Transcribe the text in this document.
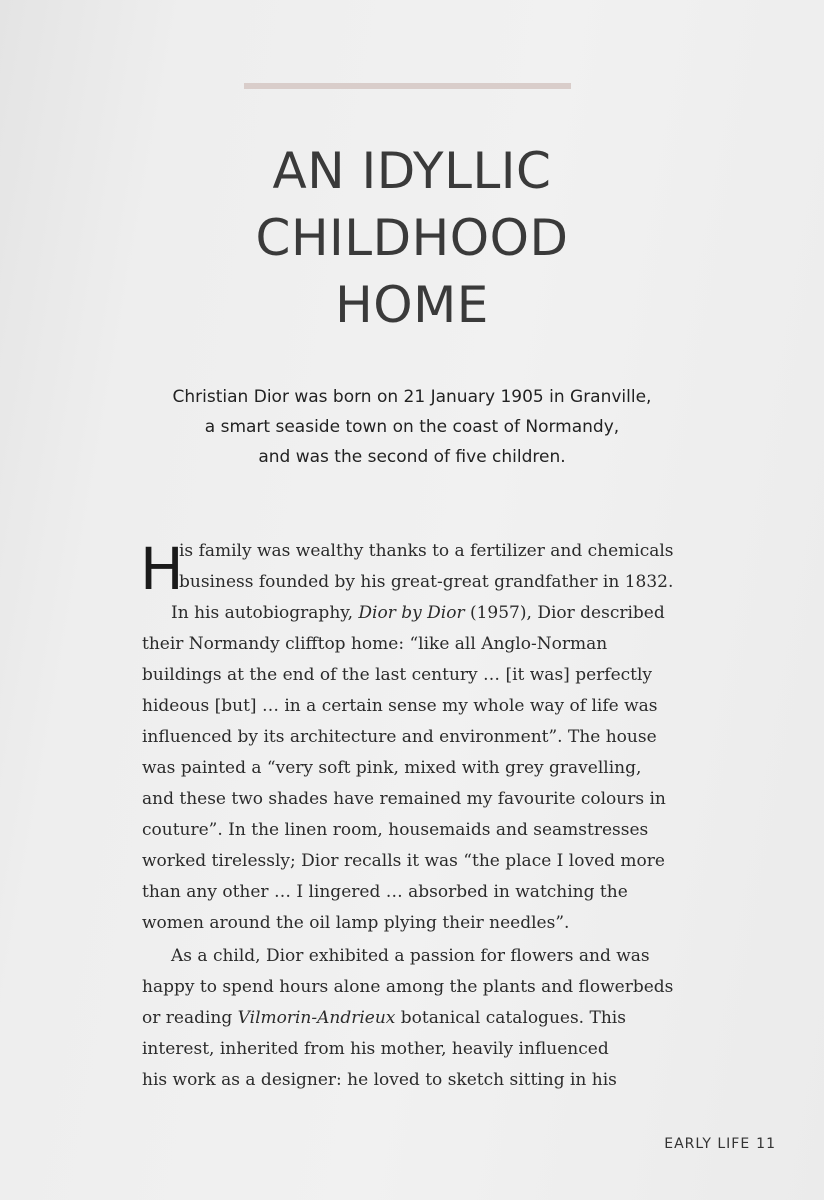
AN IDYLLIC
CHILDHOOD
HOME

Christian Dior was born on 21 January 1905 in Granville,
a smart seaside town on the coast of Normandy,
and was the second of five children.

H
is family was wealthy thanks to a fertilizer and chemicals
business founded by his great-great grandfather in 1832.
In his autobiography, Dior by Dior (1957), Dior described
their Normandy clifftop home: “like all Anglo-Norman
buildings at the end of the last century … [it was] perfectly
hideous [but] … in a certain sense my whole way of life was
influenced by its architecture and environment”. The house
was painted a “very soft pink, mixed with grey gravelling,
and these two shades have remained my favourite colours in
couture”. In the linen room, housemaids and seamstresses
worked tirelessly; Dior recalls it was “the place I loved more
than any other … I lingered … absorbed in watching the
women around the oil lamp plying their needles”.
As a child, Dior exhibited a passion for flowers and was
happy to spend hours alone among the plants and flowerbeds
or reading Vilmorin-Andrieux botanical catalogues. This
interest, inherited from his mother, heavily influenced
his work as a designer: he loved to sketch sitting in his
EARLY LIFE 11
